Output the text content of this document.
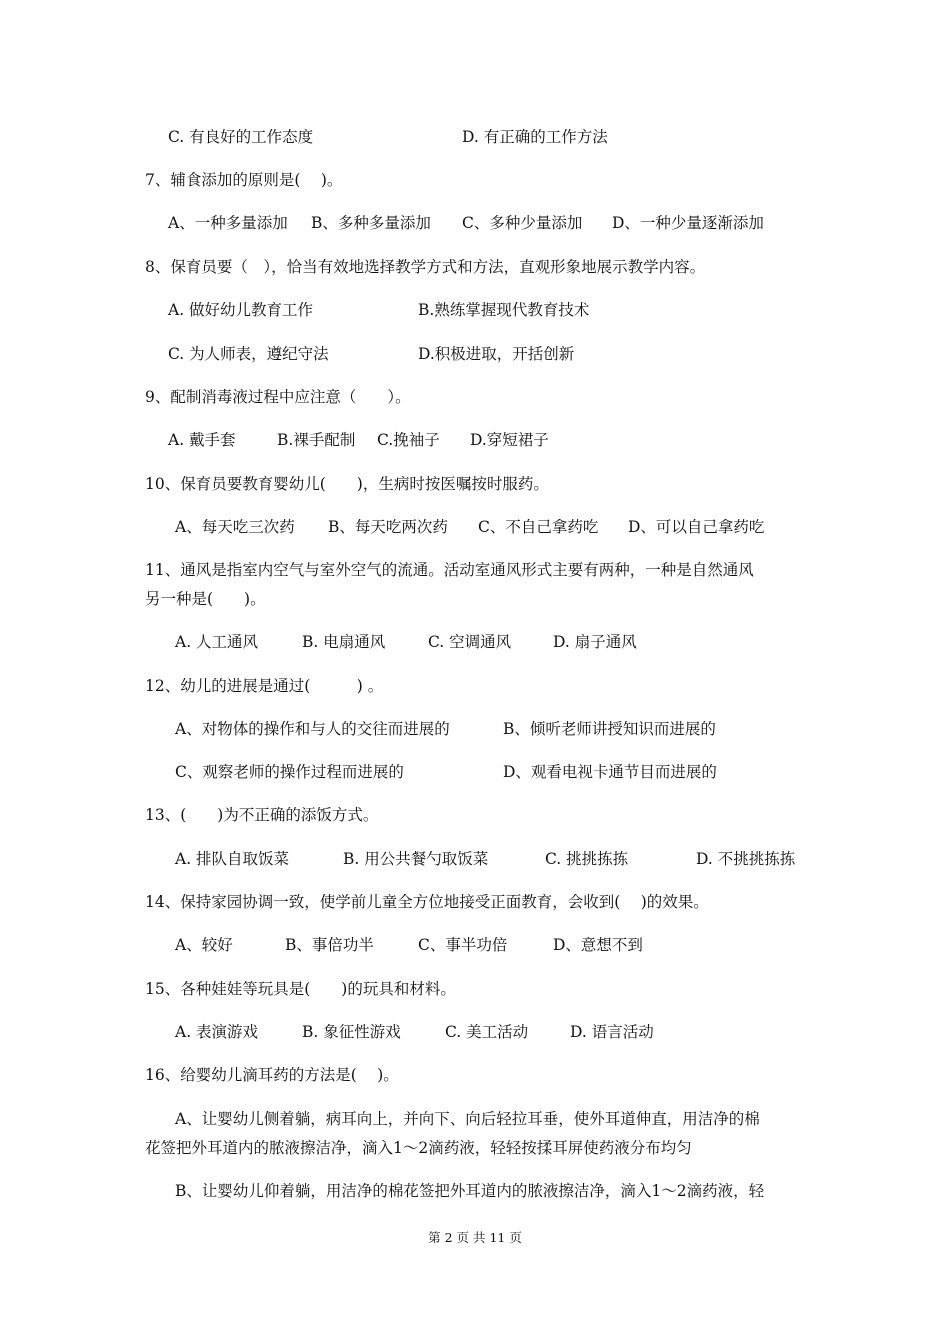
C. 有良好的工作态度	D. 有正确的工作方法
7、辅食添加的原则是(　 )。
A、一种多量添加 B、多种多量添加 C、多种少量添加 D、一种少量逐渐添加
8、保育员要（　），恰当有效地选择教学方式和方法，直观形象地展示教学内容。
A. 做好幼儿教育工作	B.熟练掌握现代教育技术
C. 为人师表，遵纪守法	D.积极进取，开括创新
9、配制消毒液过程中应注意（　　）。
A. 戴手套	B.裸手配制 C.挽袖子 D.穿短裙子
10、保育员要教育婴幼儿(　　)，生病时按医嘱按时服药。
A、每天吃三次药 B、每天吃两次药 C、不自己拿药吃 D、可以自己拿药吃
11、通风是指室内空气与室外空气的流通。活动室通风形式主要有两种，一种是自然通风
另一种是(　　)。
A. 人工通风	B. 电扇通风	C. 空调通风	D. 扇子通风
12、幼儿的进展是通过(　　　) 。
A、对物体的操作和与人的交往而进展的	B、倾听老师讲授知识而进展的
C、观察老师的操作过程而进展的	D、观看电视卡通节目而进展的
13、(　　)为不正确的添饭方式。
A. 排队自取饭菜	B. 用公共餐勺取饭菜	C. 挑挑拣拣	D. 不挑挑拣拣
14、保持家园协调一致，使学前儿童全方位地接受正面教育，会收到(　 )的效果。
A、较好	B、事倍功半	C、事半功倍	D、意想不到
15、各种娃娃等玩具是(　　)的玩具和材料。
A. 表演游戏	B. 象征性游戏	C. 美工活动	D. 语言活动
16、给婴幼儿滴耳药的方法是(　 )。
A、让婴幼儿侧着躺，病耳向上，并向下、向后轻拉耳垂，使外耳道伸直，用洁净的棉
花签把外耳道内的脓液擦洁净，滴入1～2滴药液，轻轻按揉耳屏使药液分布均匀
B、让婴幼儿仰着躺，用洁净的棉花签把外耳道内的脓液擦洁净，滴入1～2滴药液，轻
第 2 页 共 11 页
